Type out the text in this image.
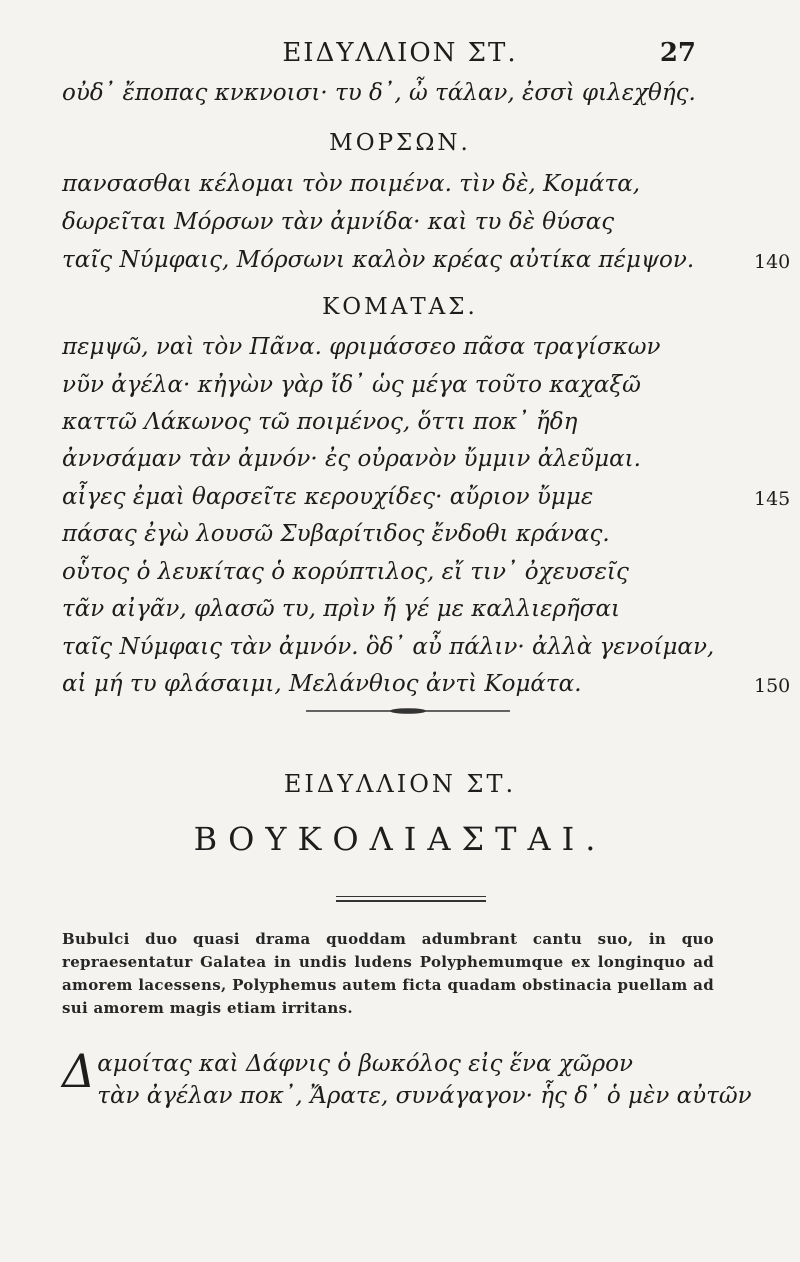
ΕΙΔΥΛΛΙΟΝ ΣΤ.	27
οὐδ᾽ ἔποπας κνκνοισι· τυ δ᾽, ὦ τάλαν, ἐσσὶ φιλεχθής.
ΜΟΡΣΩΝ.
πανσασθαι κέλομαι τὸν ποιμένα. τὶν δὲ, Κομάτα,
δωρεῖται Μόρσων τὰν ἀμνίδα· καὶ τυ δὲ θύσας
ταῖς Νύμφαις, Μόρσωνι καλὸν κρέας αὐτίκα πέμψον.	140
ΚΟΜΑΤΑΣ.
πεμψῶ, ναὶ τὸν Πᾶνα. φριμάσσεο πᾶσα τραγίσκων
νῦν ἀγέλα· κἠγὼν γὰρ ἴδ᾽ ὡς μέγα τοῦτο καχαξῶ
καττῶ Λάκωνος τῶ ποιμένος, ὅττι ποκ᾽ ἤδη
ἀννσάμαν τὰν ἀμνόν· ἐς οὐρανὸν ὔμμιν ἀλεῦμαι.
αἶγες ἐμαὶ θαρσεῖτε κερουχίδες· αὔριον ὔμμε	145
πάσας ἐγὼ λουσῶ Συβαρίτιδος ἔνδοθι κράνας.
οὗτος ὁ λευκίτας ὁ κορύπτιλος, εἴ τιν᾽ ὀχευσεῖς
τᾶν αἰγᾶν, φλασῶ τυ, πρὶν ἤ γέ με καλλιερῆσαι
ταῖς Νύμφαις τὰν ἀμνόν. ὃδ᾽ αὖ πάλιν· ἀλλὰ γενοίμαν,
αἱ μή τυ φλάσαιμι, Μελάνθιος ἀντὶ Κομάτα.	150
ΕΙΔΥΛΛΙΟΝ ΣΤ.
ΒΟΥΚΟΛΙΑΣΤΑΙ.
Bubulci duo quasi drama quoddam adumbrant cantu suo, in quo repraesentatur Galatea in undis ludens Polyphemumque ex longinquo ad amorem lacessens, Polyphemus autem ficta quadam obstinacia puellam ad sui amorem magis etiam irritans.
Δαμοίτας καὶ Δάφνις ὁ βωκόλος εἰς ἕνα χῶρον
τὰν ἀγέλαν ποκ᾽, Ἄρατε, συνάγαγον· ἧς δ᾽ ὁ μὲν αὐτῶν
